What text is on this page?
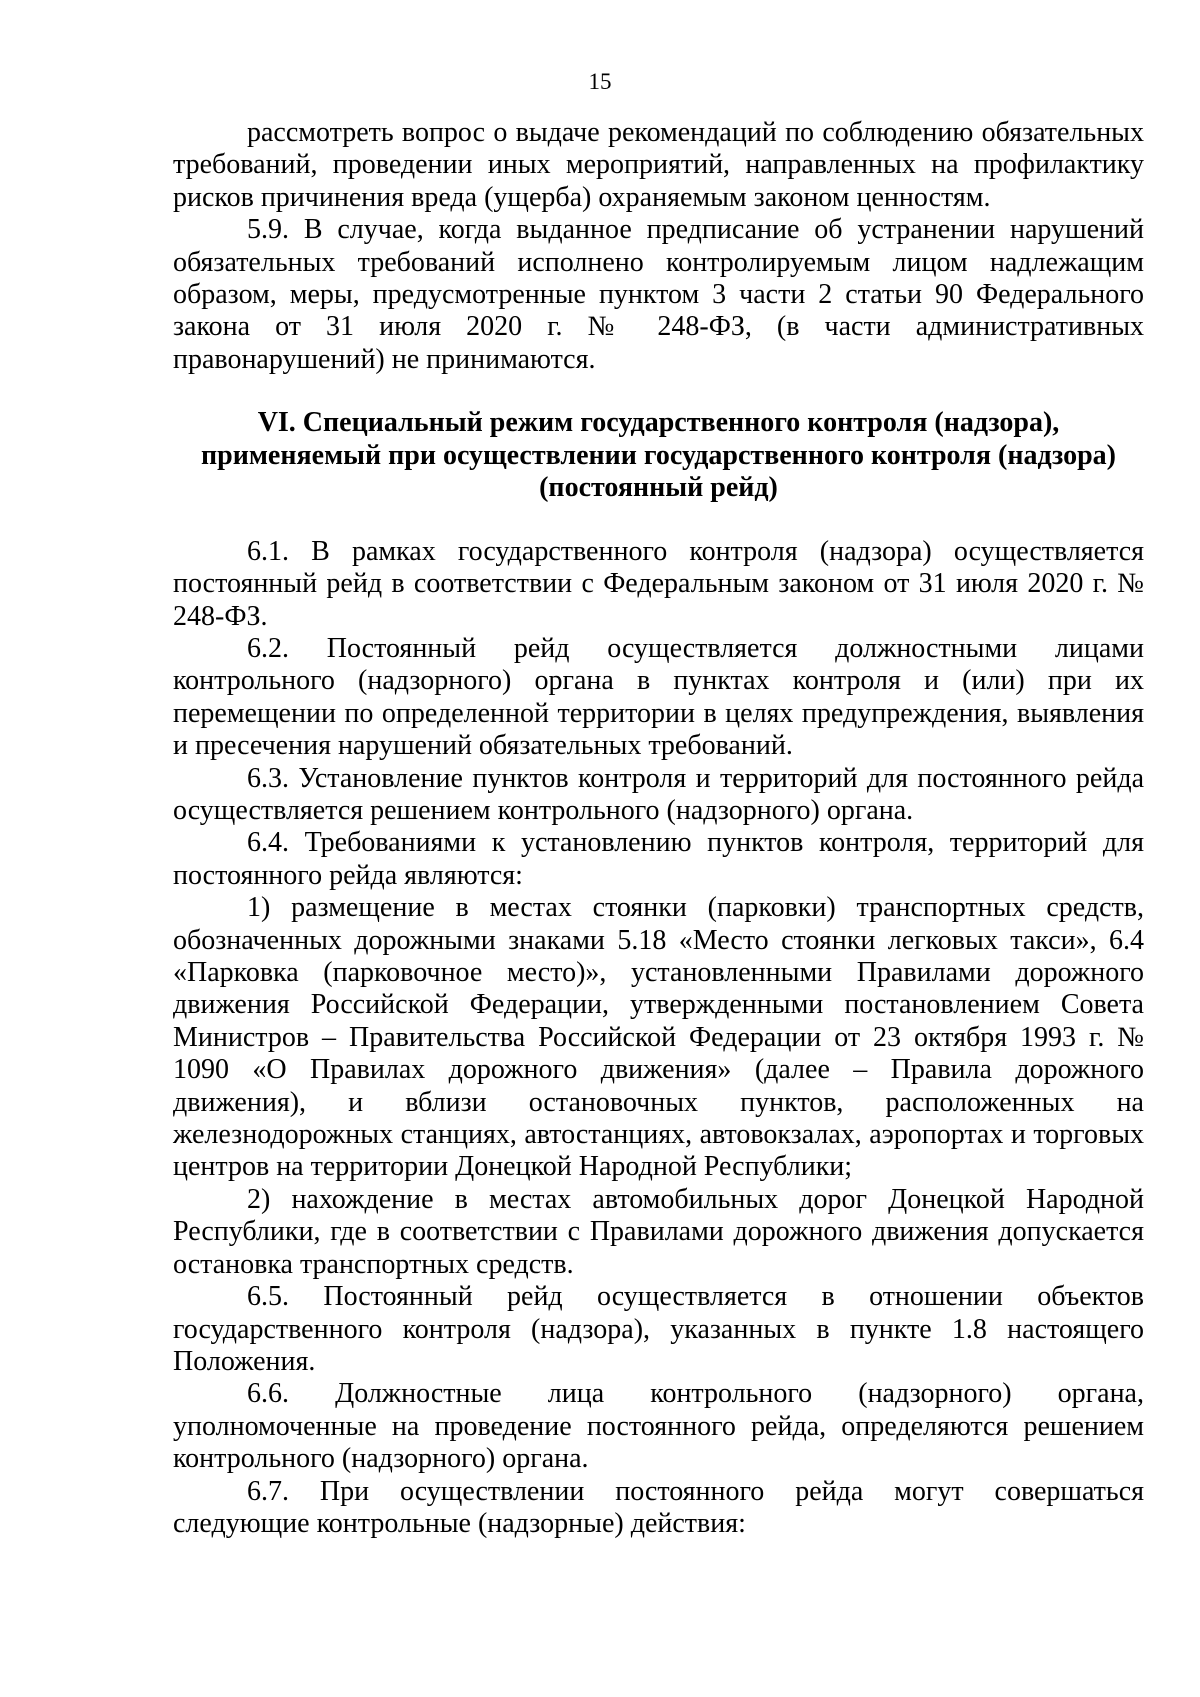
15

рассмотреть вопрос о выдаче рекомендаций по соблюдению обязательных требований, проведении иных мероприятий, направленных на профилактику рисков причинения вреда (ущерба) охраняемым законом ценностям.

5.9. В случае, когда выданное предписание об устранении нарушений обязательных требований исполнено контролируемым лицом надлежащим образом, меры, предусмотренные пунктом 3 части 2 статьи 90 Федерального закона от 31 июля 2020 г. № 248-ФЗ, (в части административных правонарушений) не принимаются.

VI. Специальный режим государственного контроля (надзора),
применяемый при осуществлении государственного контроля (надзора)
(постоянный рейд)

6.1. В рамках государственного контроля (надзора) осуществляется постоянный рейд в соответствии с Федеральным законом от 31 июля 2020 г. № 248-ФЗ.

6.2. Постоянный рейд осуществляется должностными лицами контрольного (надзорного) органа в пунктах контроля и (или) при их перемещении по определенной территории в целях предупреждения, выявления и пресечения нарушений обязательных требований.

6.3. Установление пунктов контроля и территорий для постоянного рейда осуществляется решением контрольного (надзорного) органа.

6.4. Требованиями к установлению пунктов контроля, территорий для постоянного рейда являются:

1) размещение в местах стоянки (парковки) транспортных средств, обозначенных дорожными знаками 5.18 «Место стоянки легковых такси», 6.4 «Парковка (парковочное место)», установленными Правилами дорожного движения Российской Федерации, утвержденными постановлением Совета Министров – Правительства Российской Федерации от 23 октября 1993 г. № 1090 «О Правилах дорожного движения» (далее – Правила дорожного движения), и вблизи остановочных пунктов, расположенных на железнодорожных станциях, автостанциях, автовокзалах, аэропортах и торговых центров на территории Донецкой Народной Республики;

2) нахождение в местах автомобильных дорог Донецкой Народной Республики, где в соответствии с Правилами дорожного движения допускается остановка транспортных средств.

6.5. Постоянный рейд осуществляется в отношении объектов государственного контроля (надзора), указанных в пункте 1.8 настоящего Положения.

6.6. Должностные лица контрольного (надзорного) органа, уполномоченные на проведение постоянного рейда, определяются решением контрольного (надзорного) органа.

6.7. При осуществлении постоянного рейда могут совершаться следующие контрольные (надзорные) действия:
